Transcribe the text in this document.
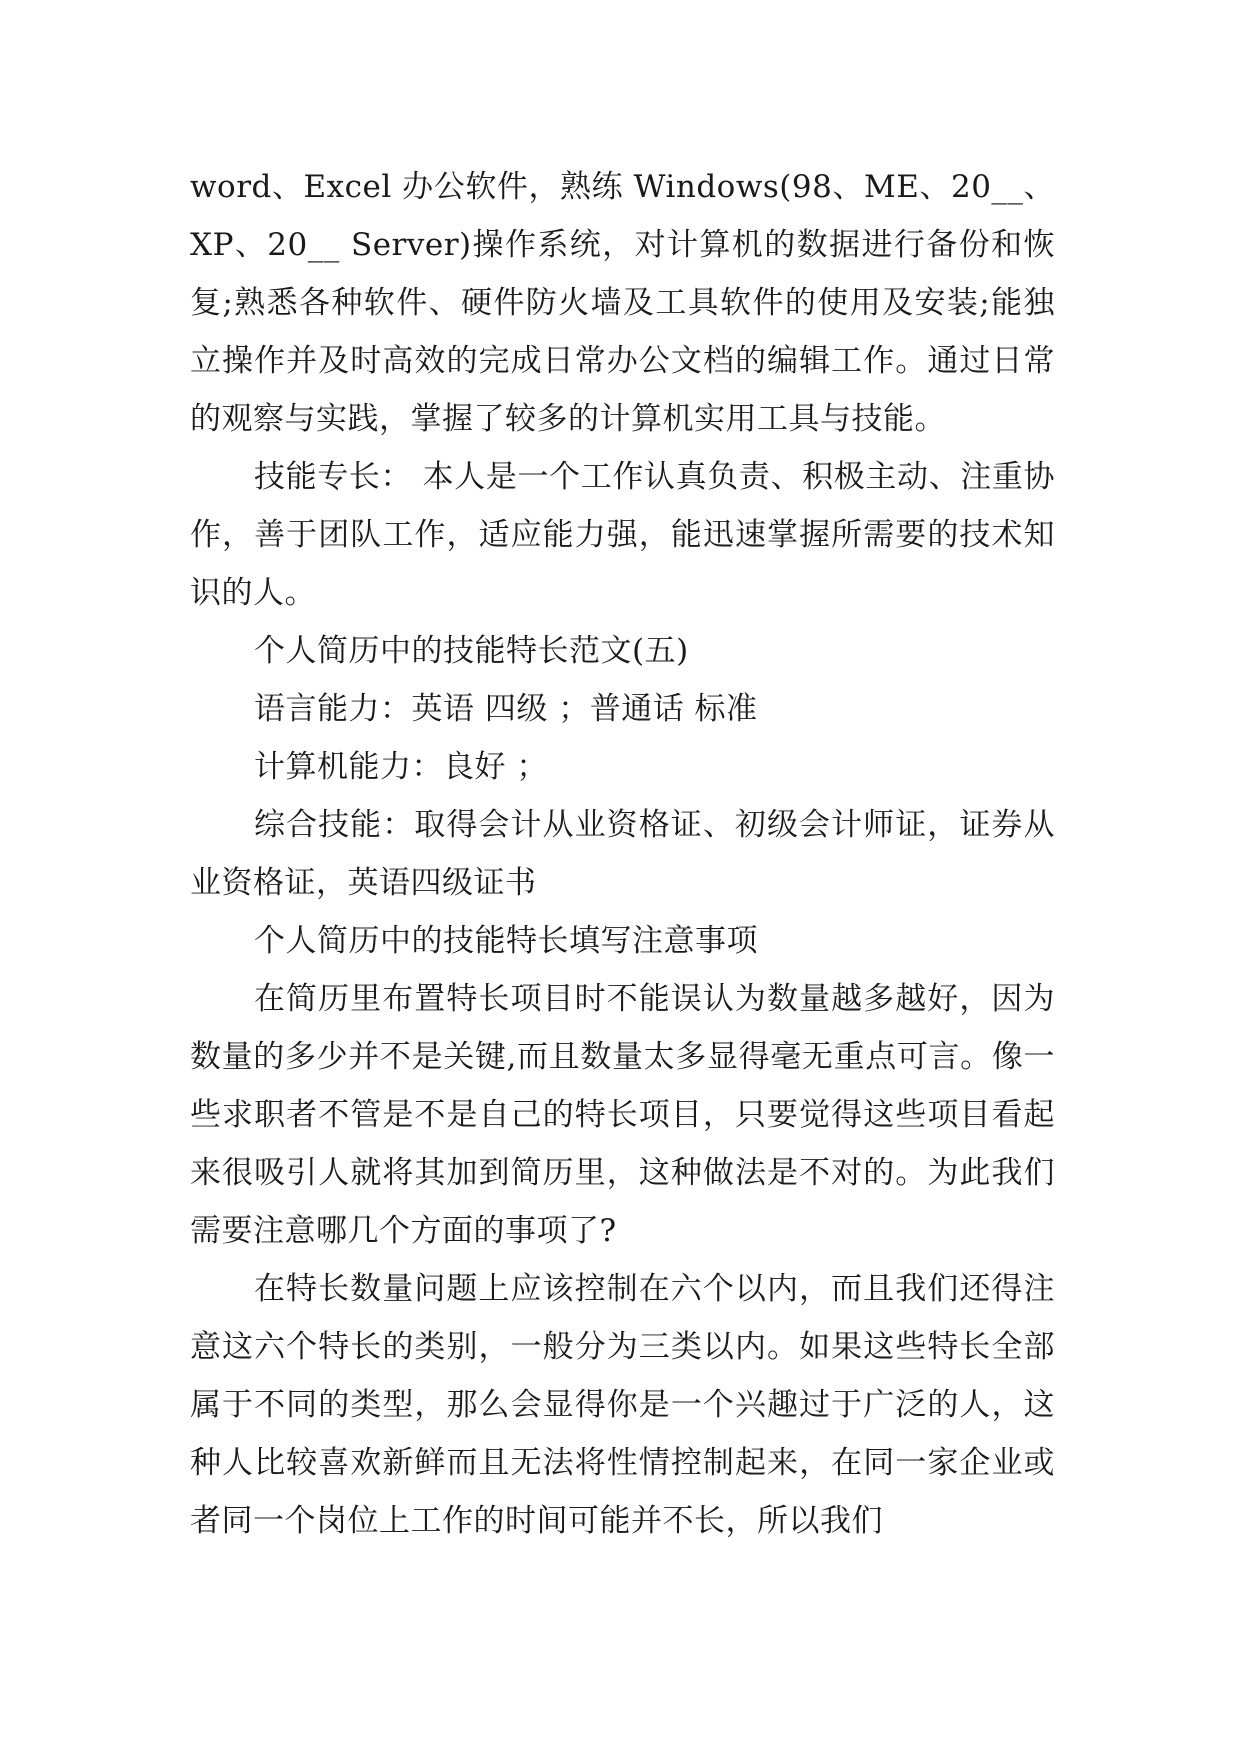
word、Excel 办公软件，熟练 Windows(98、ME、20__、XP、20__ Server)操作系统，对计算机的数据进行备份和恢复;熟悉各种软件、硬件防火墙及工具软件的使用及安装;能独立操作并及时高效的完成日常办公文档的编辑工作。通过日常的观察与实践，掌握了较多的计算机实用工具与技能。

技能专长： 本人是一个工作认真负责、积极主动、注重协作，善于团队工作，适应能力强，能迅速掌握所需要的技术知识的人。

个人简历中的技能特长范文(五)

语言能力：英语 四级 ；普通话 标准

计算机能力：良好 ；

综合技能：取得会计从业资格证、初级会计师证，证券从业资格证，英语四级证书

个人简历中的技能特长填写注意事项

在简历里布置特长项目时不能误认为数量越多越好，因为数量的多少并不是关键,而且数量太多显得毫无重点可言。像一些求职者不管是不是自己的特长项目，只要觉得这些项目看起来很吸引人就将其加到简历里，这种做法是不对的。为此我们需要注意哪几个方面的事项了?

在特长数量问题上应该控制在六个以内，而且我们还得注意这六个特长的类别，一般分为三类以内。如果这些特长全部属于不同的类型，那么会显得你是一个兴趣过于广泛的人，这种人比较喜欢新鲜而且无法将性情控制起来，在同一家企业或者同一个岗位上工作的时间可能并不长，所以我们
